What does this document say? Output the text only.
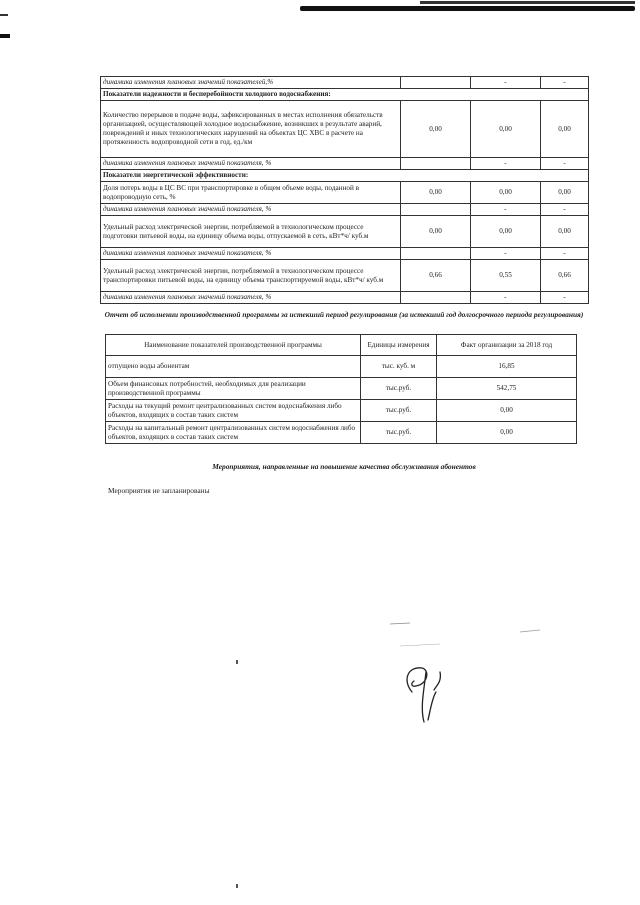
динамика изменения плановых значений показателей,%		-	-
Показатели надежности и бесперебойности холодного водоснабжения:			
Количество перерывов в подаче воды, зафиксированных в местах исполнения обязательств организацией, осуществляющей холодное водоснабжение, возникших в результате аварий, повреждений и иных технологических нарушений на объектах ЦС ХВС в расчете на протяженность водопроводной сети в год, ед./км	0,00	0,00	0,00
динамика изменения плановых значений показателя, %		-	-
Показатели энергетической эффективности:			
Доля потерь воды в ЦС ВС при транспортировке в общем объеме воды, поданной в водопроводную сеть, %	0,00	0,00	0,00
динамика изменения плановых значений показателя, %		-	-
Удельный расход электрической энергии, потребляемой в технологическом процессе подготовки питьевой воды, на единицу объема воды, отпускаемой в сеть, кВт*ч/ куб.м	0,00	0,00	0,00
динамика изменения плановых значений показателя, %		-	-
Удельный расход электрической энергии, потребляемой в технологическом процессе транспортировки питьевой воды, на единицу объема транспортируемой воды, кВт*ч/ куб.м	0,66	0,55	0,66
динамика изменения плановых значений показателя, %		-	-
Отчет об исполнении производственной программы за истекший период регулирования (за истекший год долгосрочного периода регулирования)
Наименование показателей производственной программы	Единицы измерения	Факт организации за 2018 год
отпущено воды абонентам	тыс. куб. м	16,85
Объем финансовых потребностей, необходимых для реализации производственной программы	тыс.руб.	542,75
Расходы на текущий ремонт централизованных систем водоснабжения либо объектов, входящих в состав таких систем	тыс.руб.	0,00
Расходы на капитальный ремонт централизованных систем водоснабжения либо объектов, входящих в состав таких систем	тыс.руб.	0,00
Мероприятия, направленные на повышение качества обслуживания абонентов
Мероприятия не запланированы
